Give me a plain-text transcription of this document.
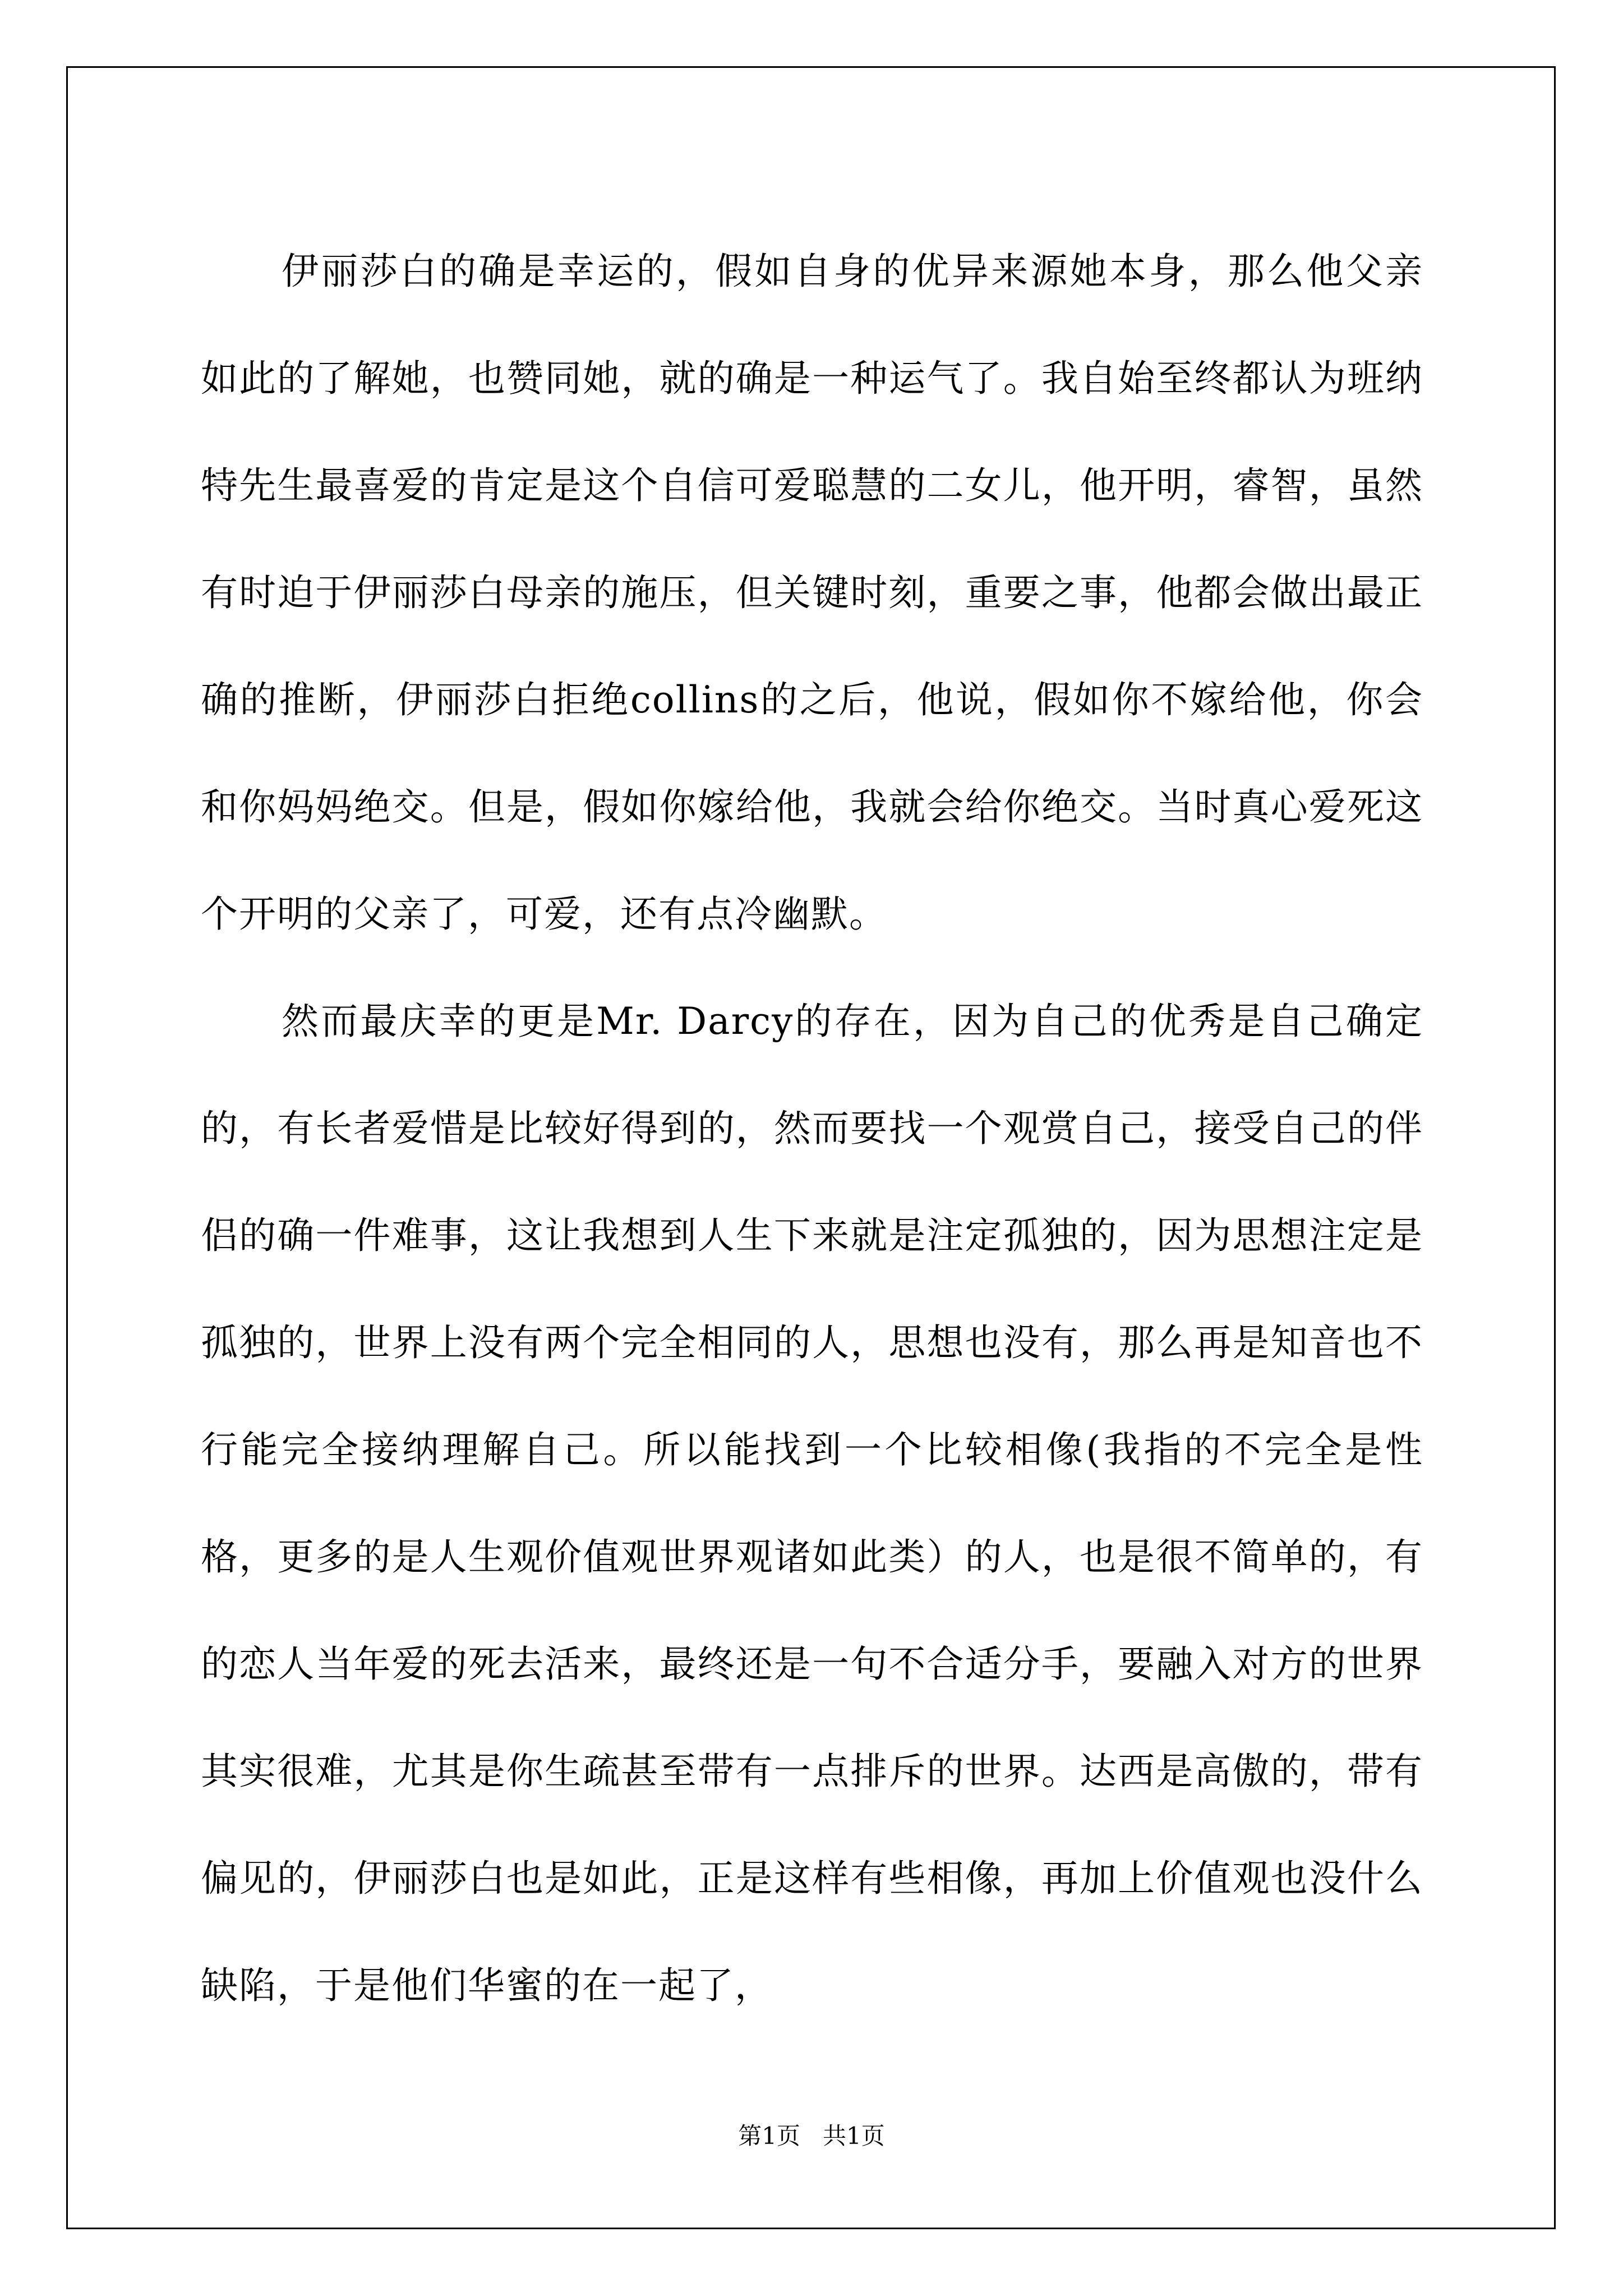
伊丽莎白的确是幸运的，假如自身的优异来源她本身，那么他父亲如此的了解她，也赞同她，就的确是一种运气了。我自始至终都认为班纳特先生最喜爱的肯定是这个自信可爱聪慧的二女儿，他开明，睿智，虽然有时迫于伊丽莎白母亲的施压，但关键时刻，重要之事，他都会做出最正确的推断，伊丽莎白拒绝collins的之后，他说，假如你不嫁给他，你会和你妈妈绝交。但是，假如你嫁给他，我就会给你绝交。当时真心爱死这个开明的父亲了，可爱，还有点冷幽默。

然而最庆幸的更是Mr. Darcy的存在，因为自己的优秀是自己确定的，有长者爱惜是比较好得到的，然而要找一个观赏自己，接受自己的伴侣的确一件难事，这让我想到人生下来就是注定孤独的，因为思想注定是孤独的，世界上没有两个完全相同的人，思想也没有，那么再是知音也不行能完全接纳理解自己。所以能找到一个比较相像(我指的不完全是性格，更多的是人生观价值观世界观诸如此类）的人，也是很不简单的，有的恋人当年爱的死去活来，最终还是一句不合适分手，要融入对方的世界其实很难，尤其是你生疏甚至带有一点排斥的世界。达西是高傲的，带有偏见的，伊丽莎白也是如此，正是这样有些相像，再加上价值观也没什么缺陷，于是他们华蜜的在一起了，

第1页 共1页
